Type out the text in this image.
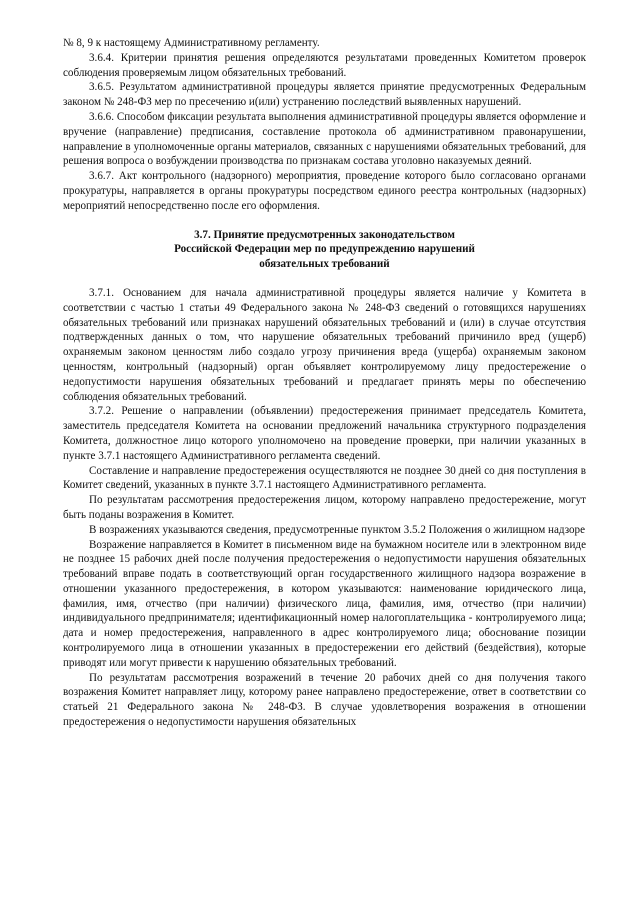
№ 8, 9 к настоящему Административному регламенту.

3.6.4. Критерии принятия решения определяются результатами проведенных Комитетом проверок соблюдения проверяемым лицом обязательных требований.

3.6.5. Результатом административной процедуры является принятие предусмотренных Федеральным законом № 248-ФЗ мер по пресечению и(или) устранению последствий выявленных нарушений.

3.6.6. Способом фиксации результата выполнения административной процедуры является оформление и вручение (направление) предписания, составление протокола об административном правонарушении, направление в уполномоченные органы материалов, связанных с нарушениями обязательных требований, для решения вопроса о возбуждении производства по признакам состава уголовно наказуемых деяний.

3.6.7. Акт контрольного (надзорного) мероприятия, проведение которого было согласовано органами прокуратуры, направляется в органы прокуратуры посредством единого реестра контрольных (надзорных) мероприятий непосредственно после его оформления.

3.7. Принятие предусмотренных законодательством
Российской Федерации мер по предупреждению нарушений
обязательных требований

3.7.1. Основанием для начала административной процедуры является наличие у Комитета в соответствии с частью 1 статьи 49 Федерального закона № 248-ФЗ сведений о готовящихся нарушениях обязательных требований или признаках нарушений обязательных требований и (или) в случае отсутствия подтвержденных данных о том, что нарушение обязательных требований причинило вред (ущерб) охраняемым законом ценностям либо создало угрозу причинения вреда (ущерба) охраняемым законом ценностям, контрольный (надзорный) орган объявляет контролируемому лицу предостережение о недопустимости нарушения обязательных требований и предлагает принять меры по обеспечению соблюдения обязательных требований.

3.7.2. Решение о направлении (объявлении) предостережения принимает председатель Комитета, заместитель председателя Комитета на основании предложений начальника структурного подразделения Комитета, должностное лицо которого уполномочено на проведение проверки, при наличии указанных в пункте 3.7.1 настоящего Административного регламента сведений.

Составление и направление предостережения осуществляются не позднее 30 дней со дня поступления в Комитет сведений, указанных в пункте 3.7.1 настоящего Административного регламента.

По результатам рассмотрения предостережения лицом, которому направлено предостережение, могут быть поданы возражения в Комитет.

В возражениях указываются сведения, предусмотренные пунктом 3.5.2 Положения о жилищном надзоре

Возражение направляется в Комитет в письменном виде на бумажном носителе или в электронном виде не позднее 15 рабочих дней после получения предостережения о недопустимости нарушения обязательных требований вправе подать в соответствующий орган государственного жилищного надзора возражение в отношении указанного предостережения, в котором указываются: наименование юридического лица, фамилия, имя, отчество (при наличии) физического лица, фамилия, имя, отчество (при наличии) индивидуального предпринимателя; идентификационный номер налогоплательщика - контролируемого лица; дата и номер предостережения, направленного в адрес контролируемого лица; обоснование позиции контролируемого лица в отношении указанных в предостережении его действий (бездействия), которые приводят или могут привести к нарушению обязательных требований.

По результатам рассмотрения возражений в течение 20 рабочих дней со дня получения такого возражения Комитет направляет лицу, которому ранее направлено предостережение, ответ в соответствии со статьей 21 Федерального закона № 248-ФЗ. В случае удовлетворения возражения в отношении предостережения о недопустимости нарушения обязательных
